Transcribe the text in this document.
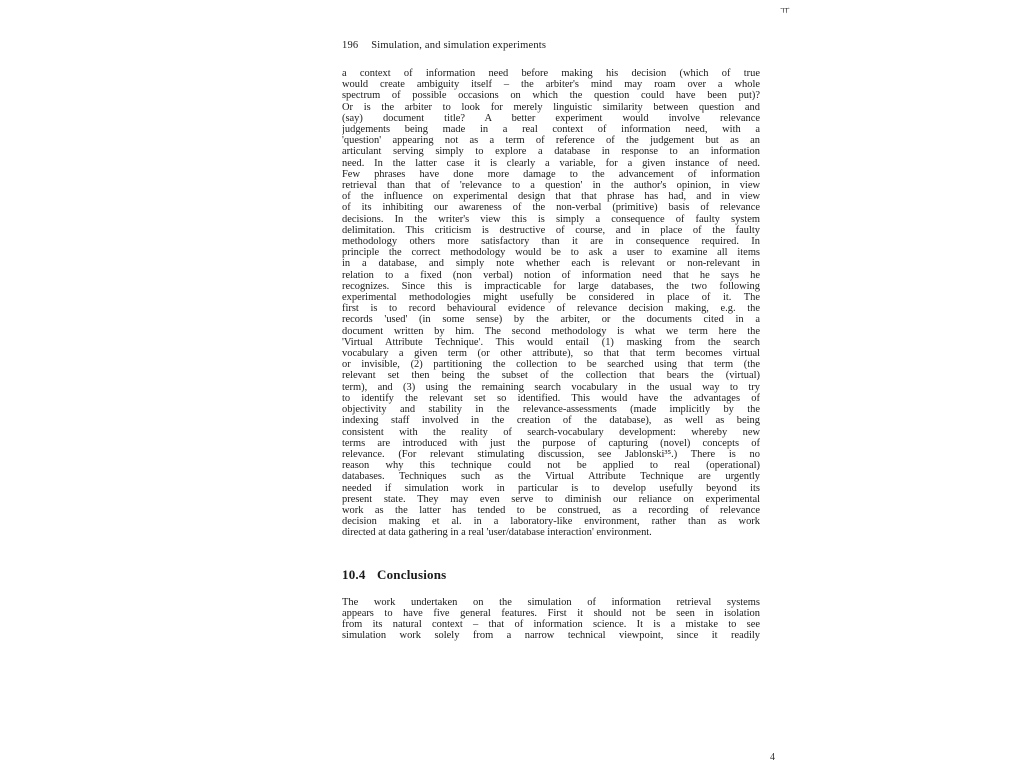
ㅠ
4
196 Simulation, and simulation experiments
a context of information need before making his decision (which of true
would create ambiguity itself – the arbiter's mind may roam over a whole
spectrum of possible occasions on which the question could have been put)?
Or is the arbiter to look for merely linguistic similarity between question and
(say) document title? A better experiment would involve relevance
judgements being made in a real context of information need, with a
'question' appearing not as a term of reference of the judgement but as an
articulant serving simply to explore a database in response to an information
need. In the latter case it is clearly a variable, for a given instance of need.
Few phrases have done more damage to the advancement of information
retrieval than that of 'relevance to a question' in the author's opinion, in view
of the influence on experimental design that that phrase has had, and in view
of its inhibiting our awareness of the non-verbal (primitive) basis of relevance
decisions. In the writer's view this is simply a consequence of faulty system
delimitation. This criticism is destructive of course, and in place of the faulty
methodology others more satisfactory than it are in consequence required. In
principle the correct methodology would be to ask a user to examine all items
in a database, and simply note whether each is relevant or non-relevant in
relation to a fixed (non verbal) notion of information need that he says he
recognizes. Since this is impracticable for large databases, the two following
experimental methodologies might usefully be considered in place of it. The
first is to record behavioural evidence of relevance decision making, e.g. the
records 'used' (in some sense) by the arbiter, or the documents cited in a
document written by him. The second methodology is what we term here the
'Virtual Attribute Technique'. This would entail (1) masking from the search
vocabulary a given term (or other attribute), so that that term becomes virtual
or invisible, (2) partitioning the collection to be searched using that term (the
relevant set then being the subset of the collection that bears the (virtual)
term), and (3) using the remaining search vocabulary in the usual way to try
to identify the relevant set so identified. This would have the advantages of
objectivity and stability in the relevance-assessments (made implicitly by the
indexing staff involved in the creation of the database), as well as being
consistent with the reality of search-vocabulary development: whereby new
terms are introduced with just the purpose of capturing (novel) concepts of
relevance. (For relevant stimulating discussion, see Jablonski³⁵.) There is no
reason why this technique could not be applied to real (operational)
databases. Techniques such as the Virtual Attribute Technique are urgently
needed if simulation work in particular is to develop usefully beyond its
present state. They may even serve to diminish our reliance on experimental
work as the latter has tended to be construed, as a recording of relevance
decision making et al. in a laboratory-like environment, rather than as work
directed at data gathering in a real 'user/database interaction' environment.
10.4 Conclusions
The work undertaken on the simulation of information retrieval systems
appears to have five general features. First it should not be seen in isolation
from its natural context – that of information science. It is a mistake to see
simulation work solely from a narrow technical viewpoint, since it readily
